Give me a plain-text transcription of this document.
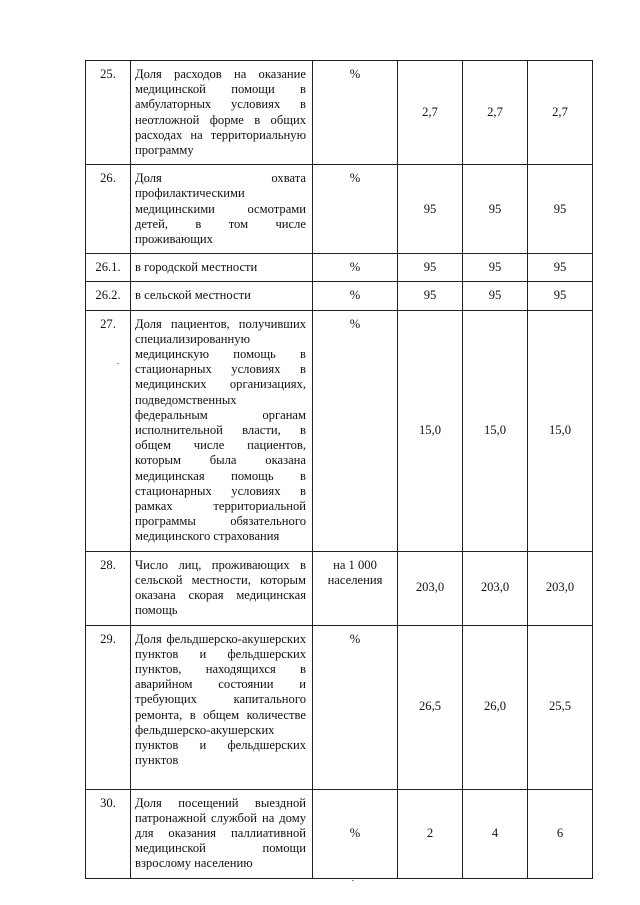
25.	Доля расходов на оказание медицинской помощи в амбулаторных условиях в неотложной форме в общих расходах на территориальную программу	%	2,7	2,7	2,7
26.	Доля охвата профилактическими медицинскими осмотрами детей, в том числе проживающих	%	95	95	95
26.1.	в городской местности	%	95	95	95
26.2.	в сельской местности	%	95	95	95
27.	Доля пациентов, получивших специализированную медицинскую помощь в стационарных условиях в медицинских организациях, подведомственных федеральным органам исполнительной власти, в общем числе пациентов, которым была оказана медицинская помощь в стационарных условиях в рамках территориальной программы обязательного медицинского страхования	%	15,0	15,0	15,0
28.	Число лиц, проживающих в сельской местности, которым оказана скорая медицинская помощь	на 1 000 населения	203,0	203,0	203,0
29.	Доля фельдшерско-акушерских пунктов и фельдшерских пунктов, находящихся в аварийном состоянии и требующих капитального ремонта, в общем количестве фельдшерско-акушерских пунктов и фельдшерских пунктов	%	26,5	26,0	25,5
30.	Доля посещений выездной патронажной службой на дому для оказания паллиативной медицинской помощи взрослому населению	%	2	4	6
